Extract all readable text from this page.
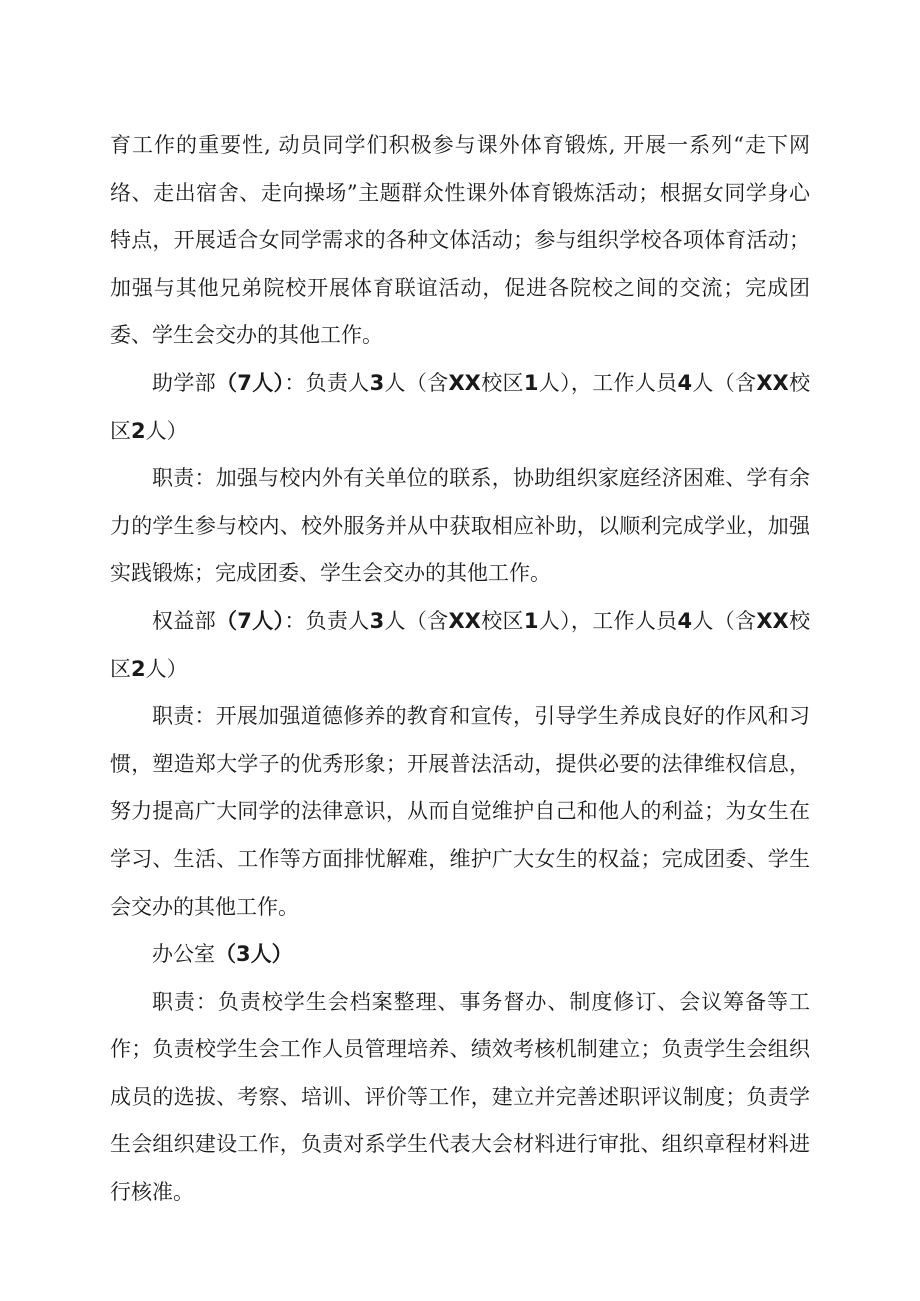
育工作的重要性, 动员同学们积极参与课外体育锻炼, 开展一系列“走下网络、走出宿舍、走向操场”主题群众性课外体育锻炼活动；根据女同学身心特点，开展适合女同学需求的各种文体活动；参与组织学校各项体育活动；加强与其他兄弟院校开展体育联谊活动，促进各院校之间的交流；完成团委、学生会交办的其他工作。

助学部（7人）：负责人3人（含XX校区1人），工作人员4人（含XX校区2人）

职责：加强与校内外有关单位的联系，协助组织家庭经济困难、学有余力的学生参与校内、校外服务并从中获取相应补助，以顺利完成学业，加强实践锻炼；完成团委、学生会交办的其他工作。

权益部（7人）：负责人3人（含XX校区1人），工作人员4人（含XX校区2人）

职责：开展加强道德修养的教育和宣传，引导学生养成良好的作风和习惯，塑造郑大学子的优秀形象；开展普法活动，提供必要的法律维权信息，努力提高广大同学的法律意识，从而自觉维护自己和他人的利益；为女生在学习、生活、工作等方面排忧解难，维护广大女生的权益；完成团委、学生会交办的其他工作。

办公室（3人）

职责：负责校学生会档案整理、事务督办、制度修订、会议筹备等工作；负责校学生会工作人员管理培养、绩效考核机制建立；负责学生会组织成员的选拔、考察、培训、评价等工作，建立并完善述职评议制度；负责学生会组织建设工作，负责对系学生代表大会材料进行审批、组织章程材料进行核准。
